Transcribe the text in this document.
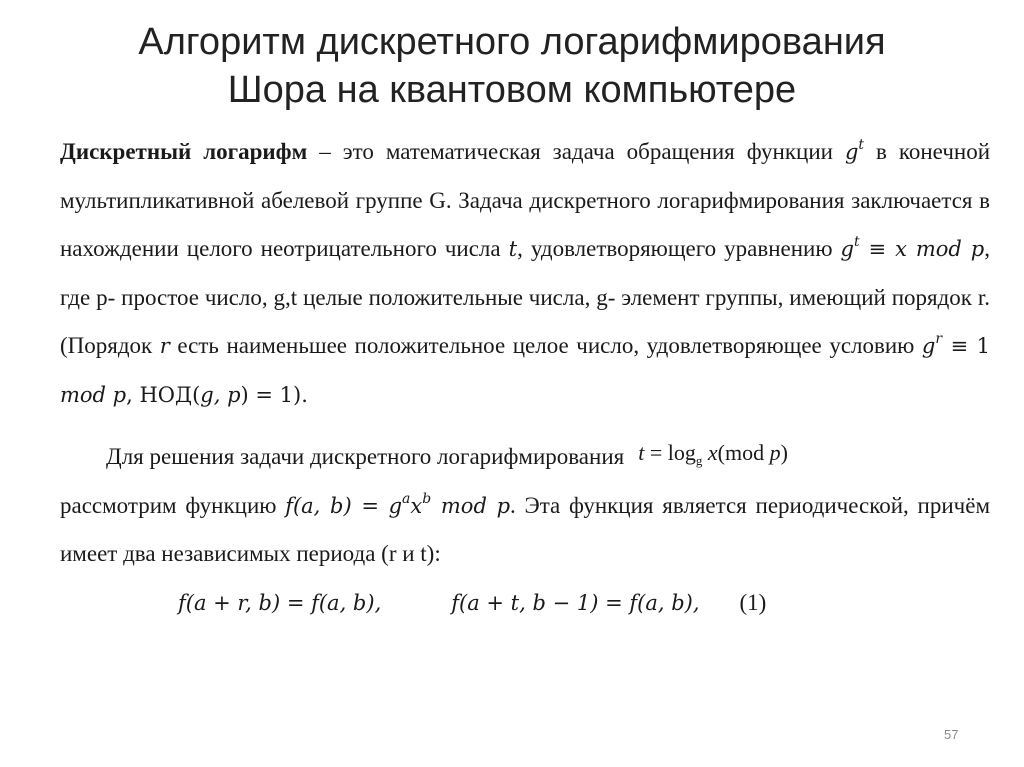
Алгоритм дискретного логарифмирования
Шора на квантовом компьютере

Дискретный логарифм – это математическая задача обращения функции $g^t$ в конечной мультипликативной абелевой группе G. Задача дискретного логарифмирования заключается в нахождении целого неотрицательного числа t, удовлетворяющего уравнению $g^t \equiv x$ mod p, где p- простое число, g,t целые положительные числа, g- элемент группы, имеющий порядок r. (Порядок r есть наименьшее положительное целое число, удовлетворяющее условию $g^r \equiv 1$ mod p, НОД(g, p) = 1).

Для решения задачи дискретного логарифмирования $t = \log_g x(mod$ p)

рассмотрим функцию f(a, $b) = g^ax^b$ mod p. Эта функция является периодической, причём имеет два независимых периода (r и t):

f(a + r, b) = f(a, b),	f(a + t, b − 1) = f(a, b), (1)

57
